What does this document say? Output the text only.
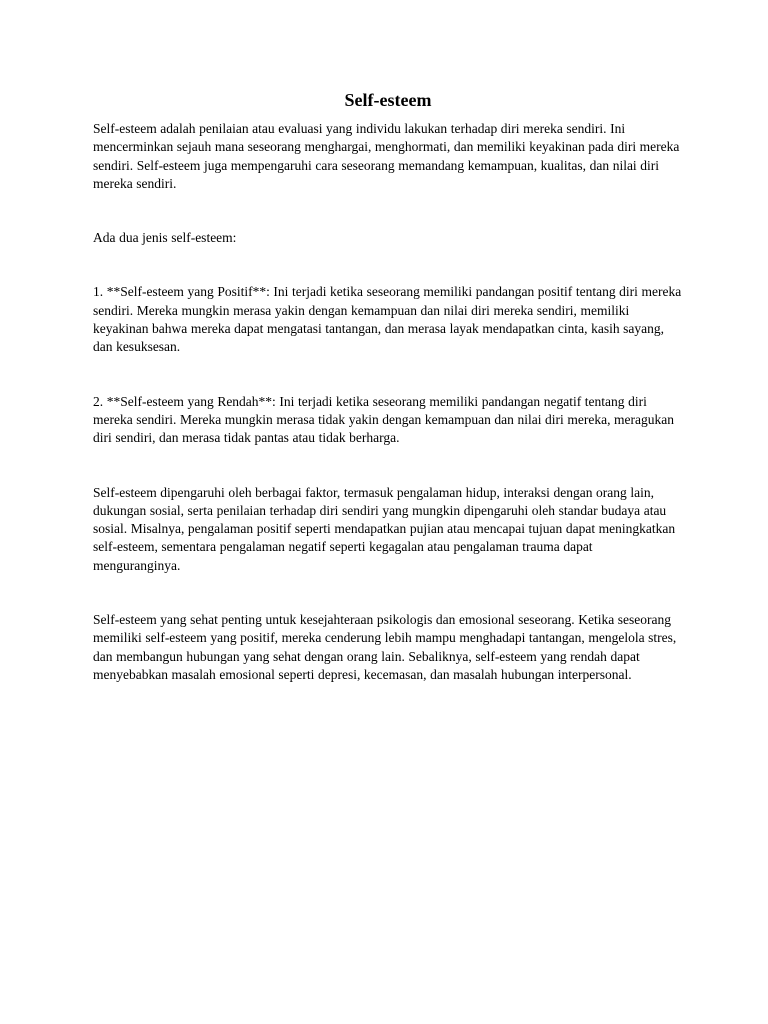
Self-esteem

Self-esteem adalah penilaian atau evaluasi yang individu lakukan terhadap diri mereka sendiri. Ini mencerminkan sejauh mana seseorang menghargai, menghormati, dan memiliki keyakinan pada diri mereka sendiri. Self-esteem juga mempengaruhi cara seseorang memandang kemampuan, kualitas, dan nilai diri mereka sendiri.

Ada dua jenis self-esteem:

1. **Self-esteem yang Positif**: Ini terjadi ketika seseorang memiliki pandangan positif tentang diri mereka sendiri. Mereka mungkin merasa yakin dengan kemampuan dan nilai diri mereka sendiri, memiliki keyakinan bahwa mereka dapat mengatasi tantangan, dan merasa layak mendapatkan cinta, kasih sayang, dan kesuksesan.

2. **Self-esteem yang Rendah**: Ini terjadi ketika seseorang memiliki pandangan negatif tentang diri mereka sendiri. Mereka mungkin merasa tidak yakin dengan kemampuan dan nilai diri mereka, meragukan diri sendiri, dan merasa tidak pantas atau tidak berharga.

Self-esteem dipengaruhi oleh berbagai faktor, termasuk pengalaman hidup, interaksi dengan orang lain, dukungan sosial, serta penilaian terhadap diri sendiri yang mungkin dipengaruhi oleh standar budaya atau sosial. Misalnya, pengalaman positif seperti mendapatkan pujian atau mencapai tujuan dapat meningkatkan self-esteem, sementara pengalaman negatif seperti kegagalan atau pengalaman trauma dapat menguranginya.

Self-esteem yang sehat penting untuk kesejahteraan psikologis dan emosional seseorang. Ketika seseorang memiliki self-esteem yang positif, mereka cenderung lebih mampu menghadapi tantangan, mengelola stres, dan membangun hubungan yang sehat dengan orang lain. Sebaliknya, self-esteem yang rendah dapat menyebabkan masalah emosional seperti depresi, kecemasan, dan masalah hubungan interpersonal.
